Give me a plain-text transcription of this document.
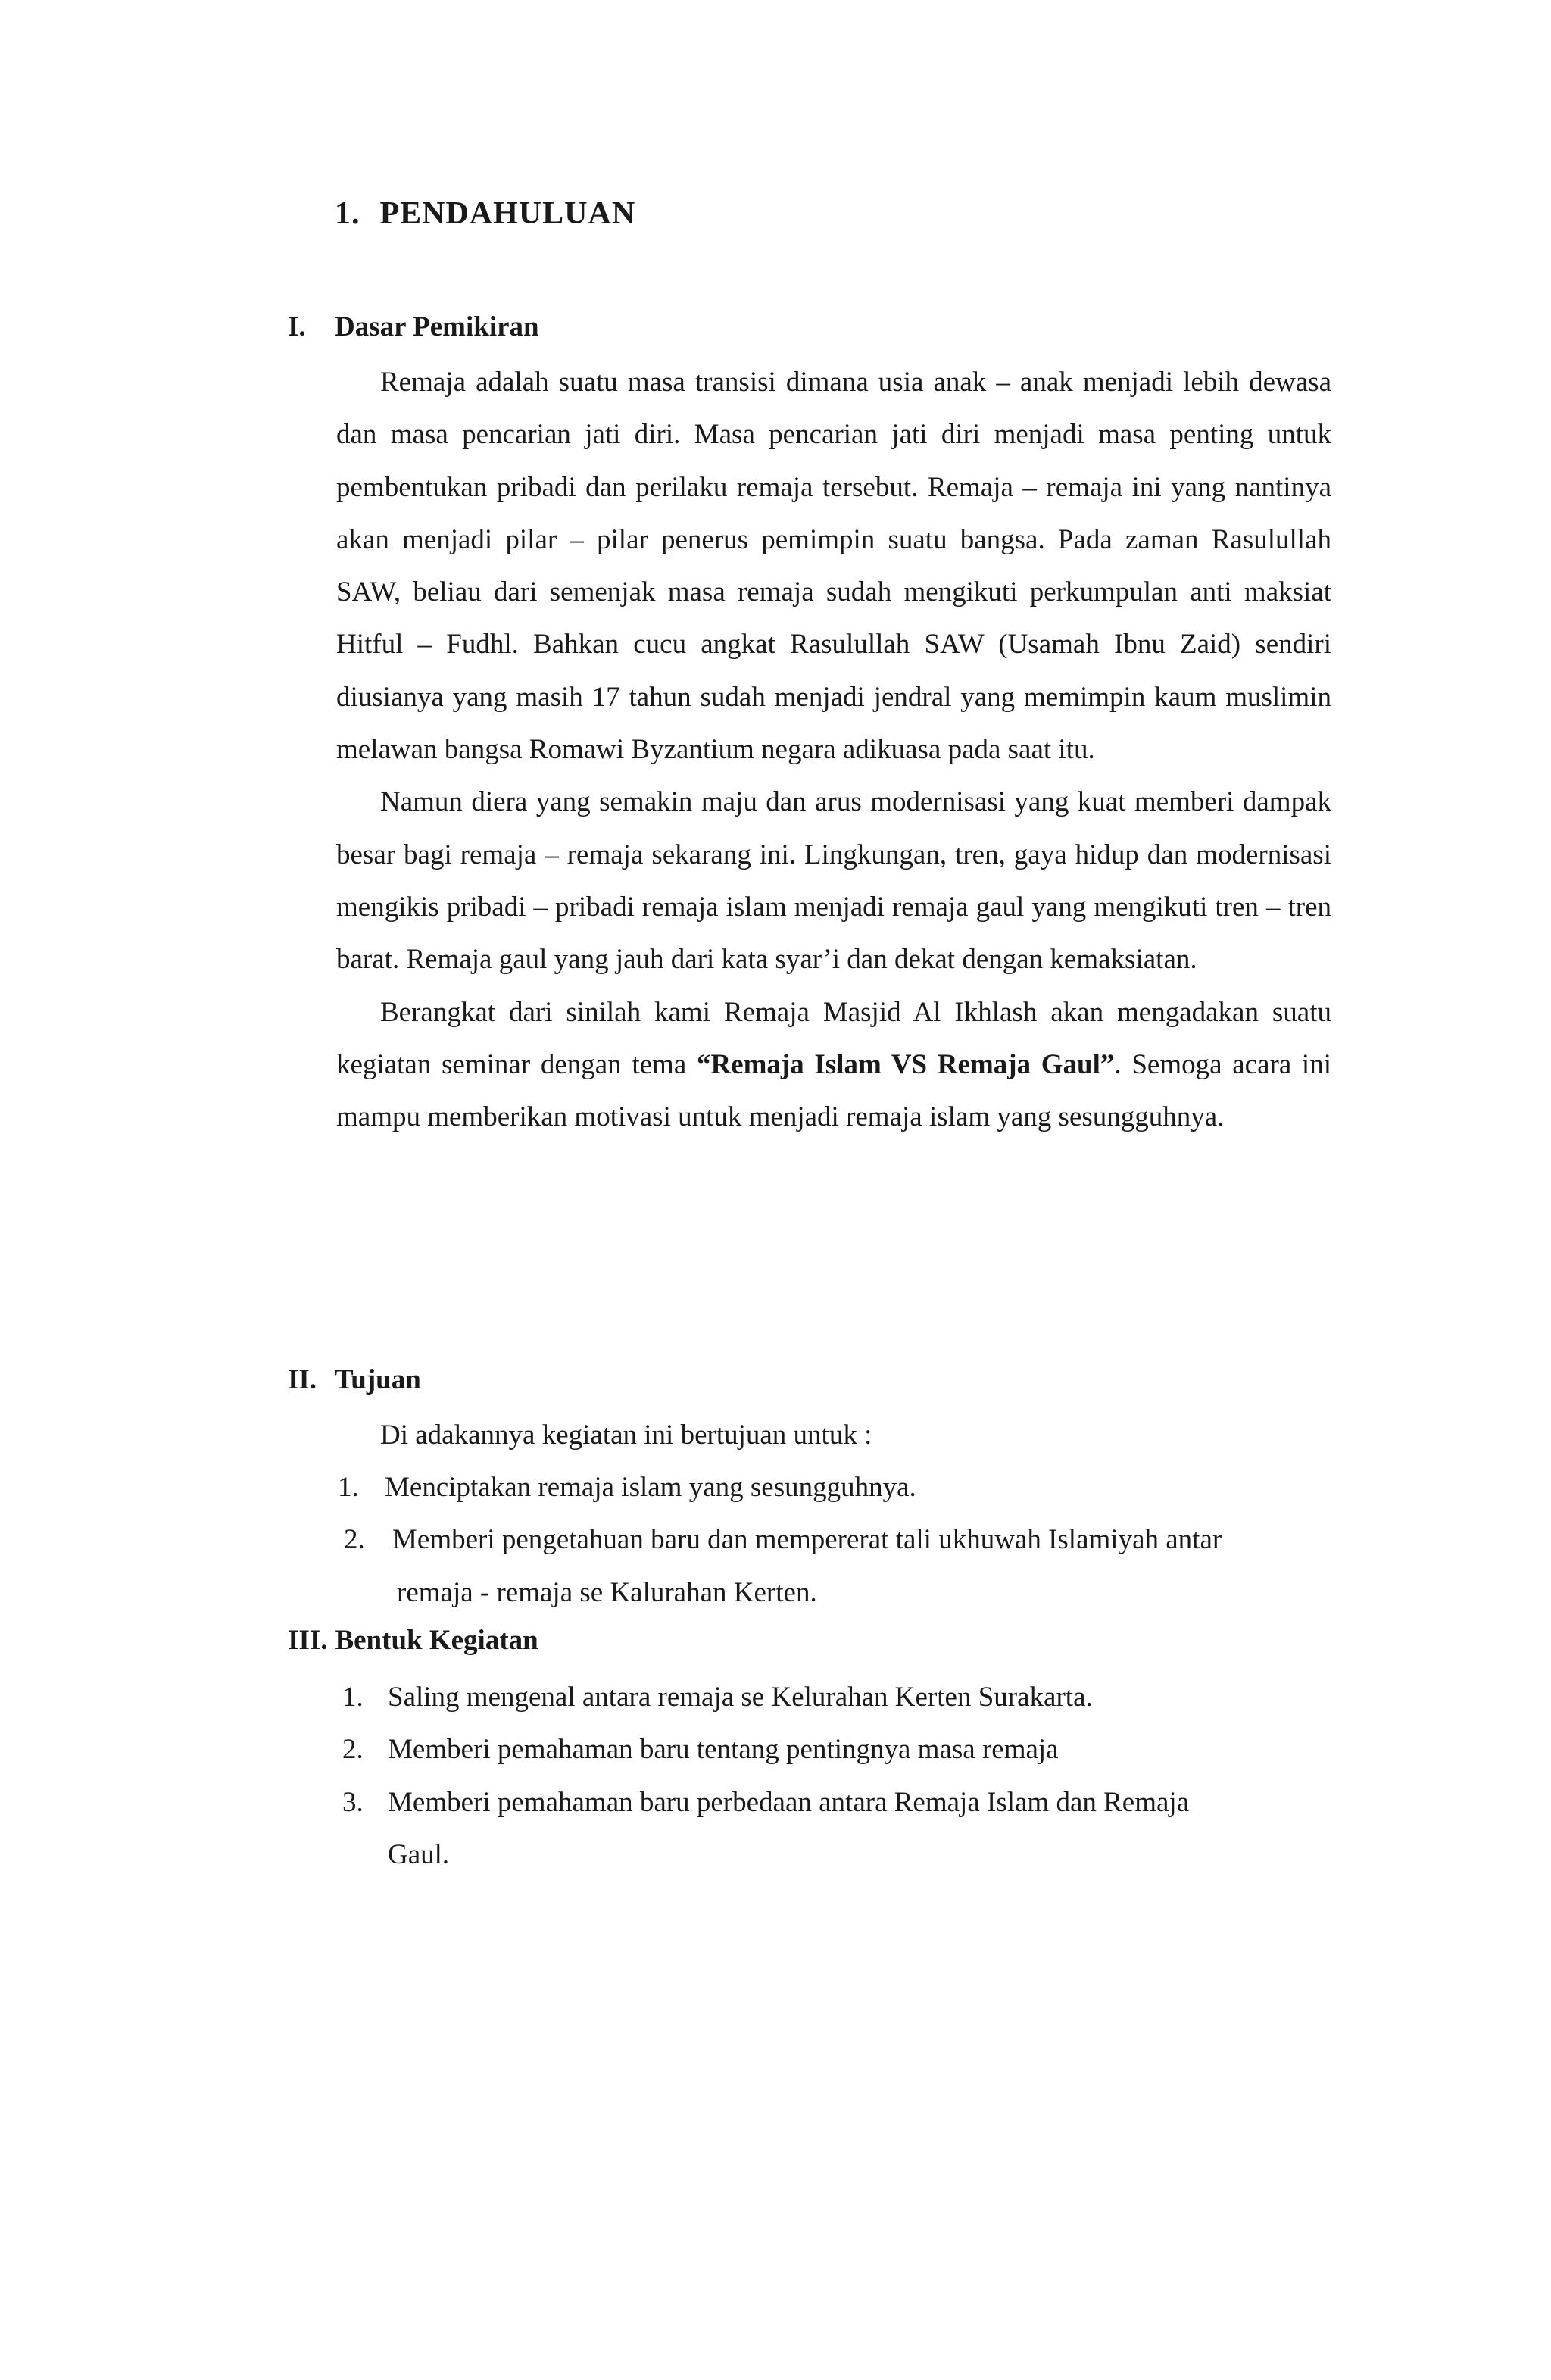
1. PENDAHULUAN
I. Dasar Pemikiran

Remaja adalah suatu masa transisi dimana usia anak – anak menjadi lebih dewasa dan masa pencarian jati diri. Masa pencarian jati diri menjadi masa penting untuk pembentukan pribadi dan perilaku remaja tersebut. Remaja – remaja ini yang nantinya akan menjadi pilar – pilar penerus pemimpin suatu bangsa. Pada zaman Rasulullah SAW, beliau dari semenjak masa remaja sudah mengikuti perkumpulan anti maksiat Hitful – Fudhl. Bahkan cucu angkat Rasulullah SAW (Usamah Ibnu Zaid) sendiri diusianya yang masih 17 tahun sudah menjadi jendral yang memimpin kaum muslimin melawan bangsa Romawi Byzantium negara adikuasa pada saat itu.

Namun diera yang semakin maju dan arus modernisasi yang kuat memberi dampak besar bagi remaja – remaja sekarang ini. Lingkungan, tren, gaya hidup dan modernisasi mengikis pribadi – pribadi remaja islam menjadi remaja gaul yang mengikuti tren – tren barat. Remaja gaul yang jauh dari kata syar’i dan dekat dengan kemaksiatan.

Berangkat dari sinilah kami Remaja Masjid Al Ikhlash akan mengadakan suatu kegiatan seminar dengan tema “Remaja Islam VS Remaja Gaul”. Semoga acara ini mampu memberikan motivasi untuk menjadi remaja islam yang sesungguhnya.

II. Tujuan

Di adakannya kegiatan ini bertujuan untuk :

1. Menciptakan remaja islam yang sesungguhnya.
2. Memberi pengetahuan baru dan mempererat tali ukhuwah Islamiyah antar
remaja - remaja se Kalurahan Kerten.
III. Bentuk Kegiatan
1. Saling mengenal antara remaja se Kelurahan Kerten Surakarta.
2. Memberi pemahaman baru tentang pentingnya masa remaja
3. Memberi pemahaman baru perbedaan antara Remaja Islam dan Remaja
Gaul.
